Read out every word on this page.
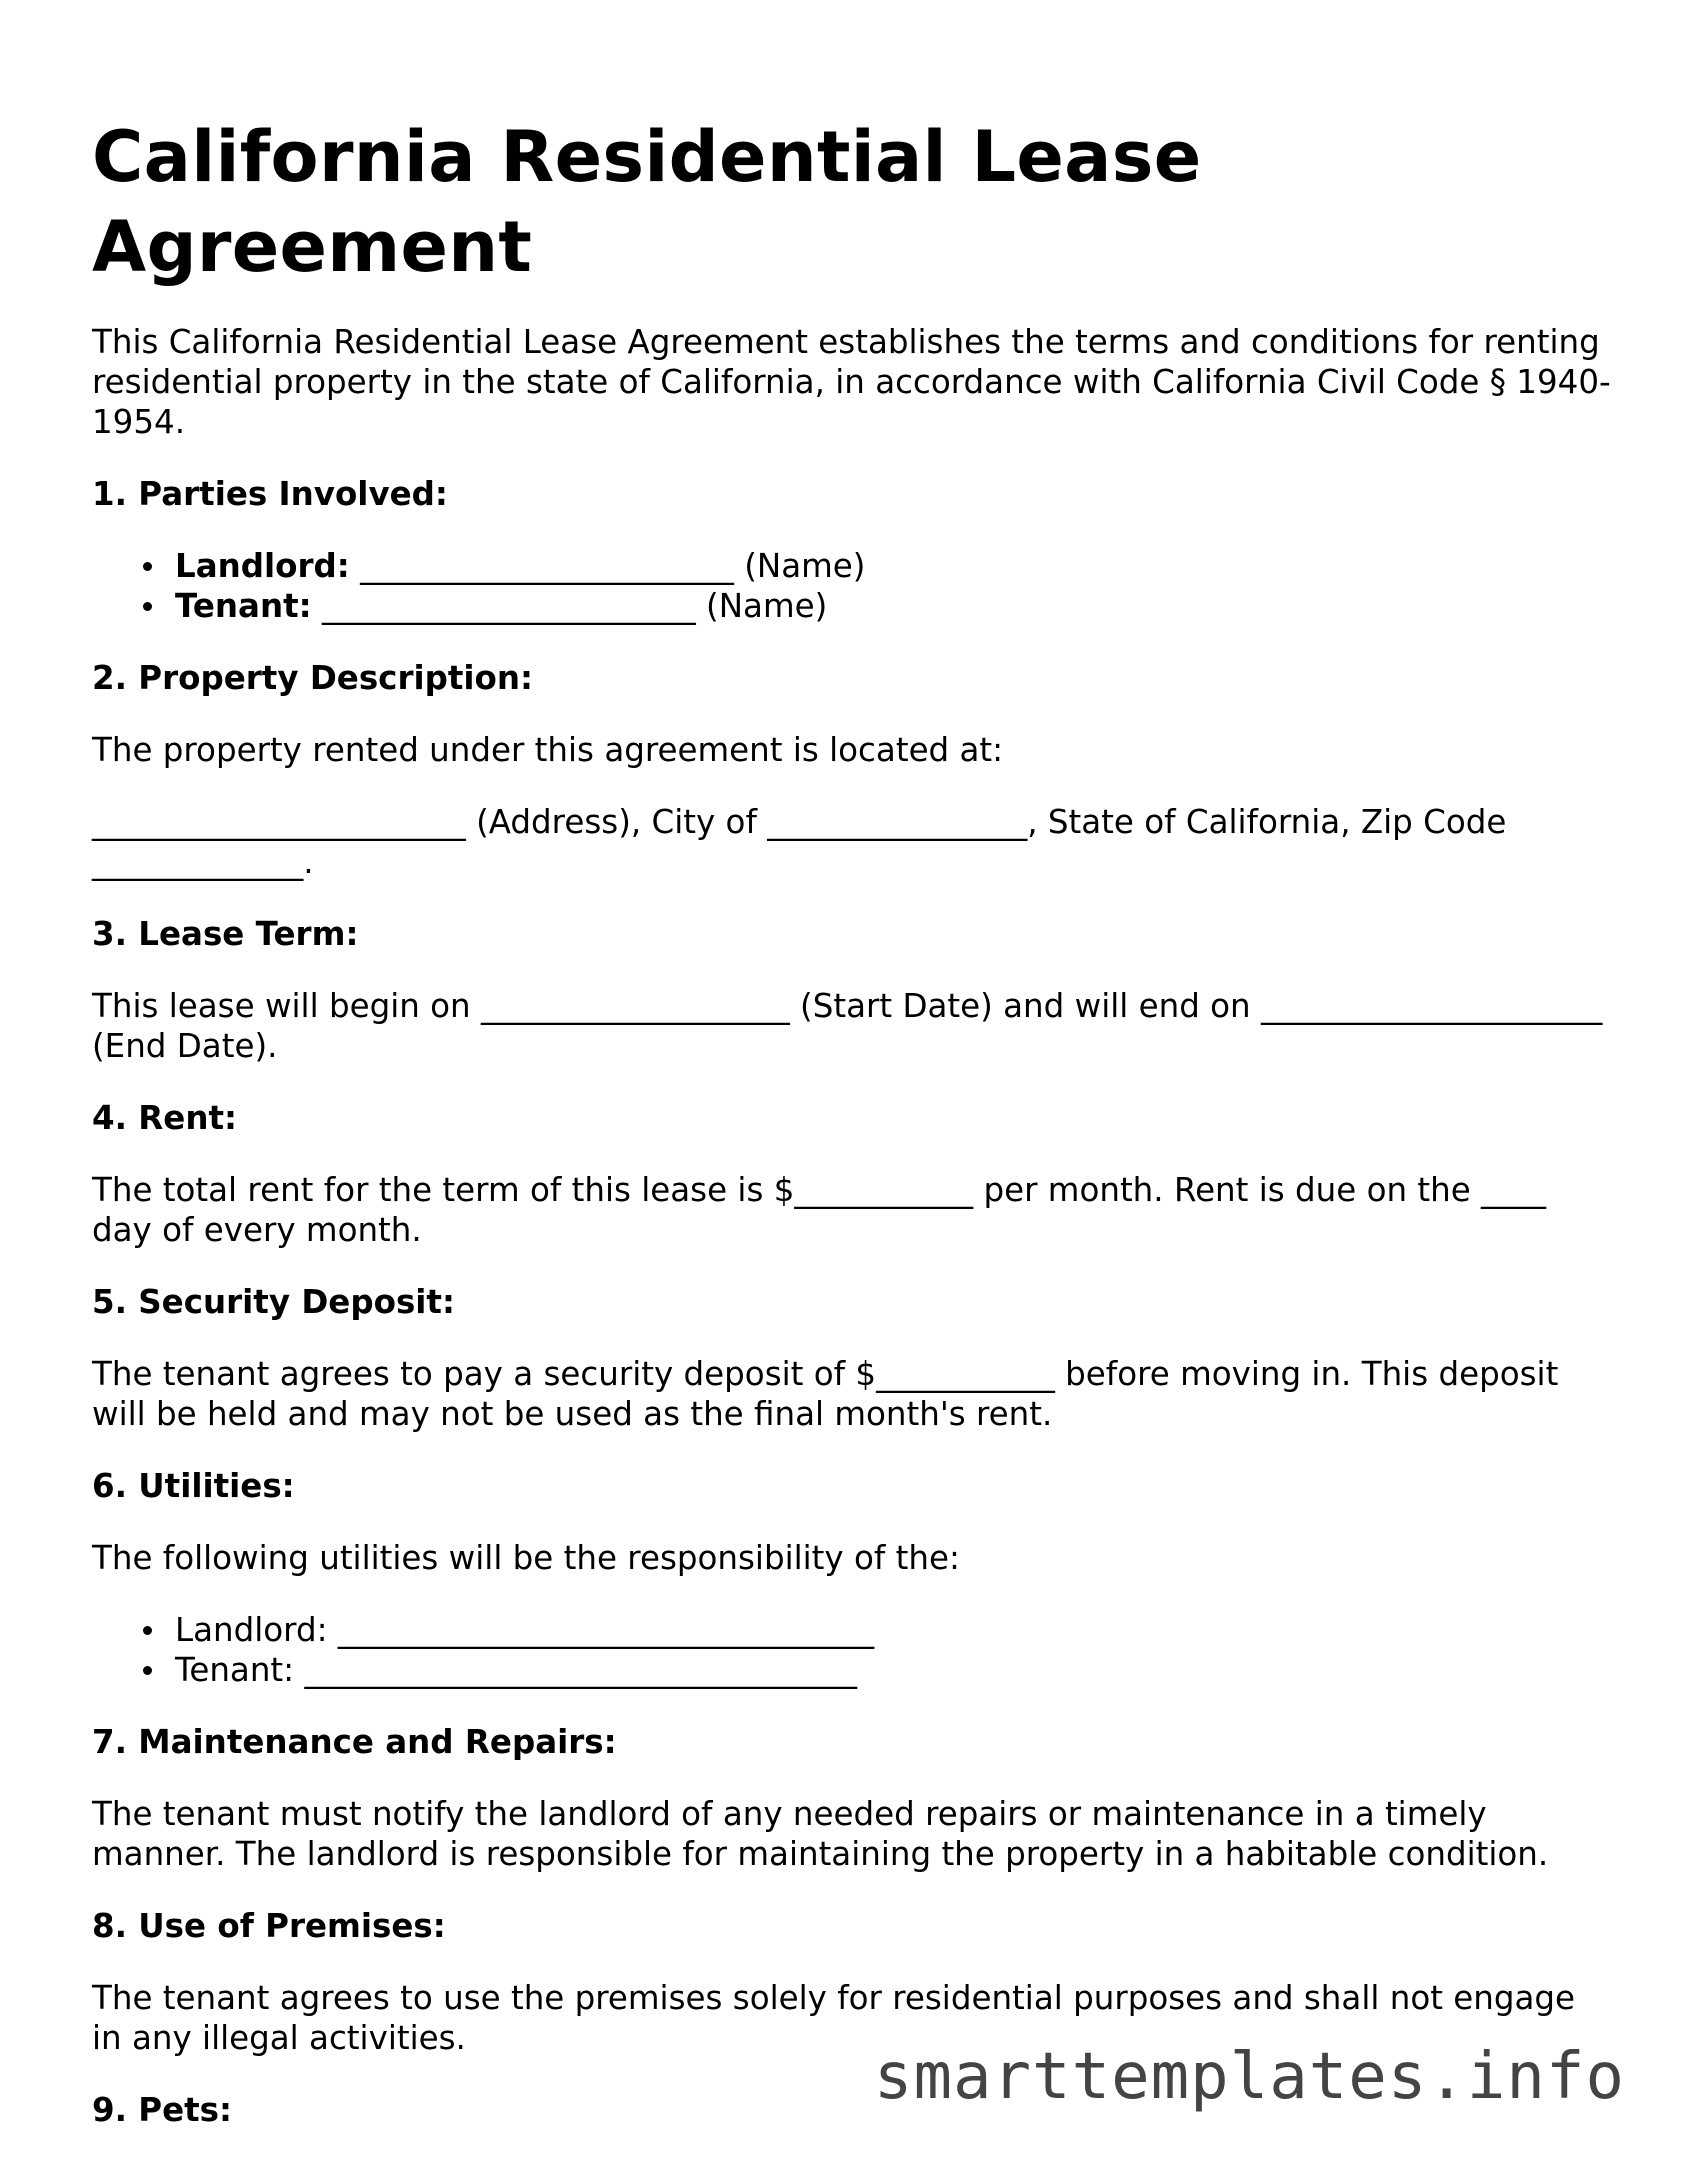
California Residential Lease Agreement

This California Residential Lease Agreement establishes the terms and conditions for renting residential property in the state of California, in accordance with California Civil Code § 1940-1954.

1. Parties Involved:
Landlord: _______________________ (Name)
Tenant: _______________________ (Name)
2. Property Description:

The property rented under this agreement is located at:

_______________________ (Address), City of ________________, State of California, Zip Code _____________.

3. Lease Term:

This lease will begin on ___________________ (Start Date) and will end on _____________________ (End Date).

4. Rent:

The total rent for the term of this lease is $___________ per month. Rent is due on the ____ day of every month.

5. Security Deposit:

The tenant agrees to pay a security deposit of $___________ before moving in. This deposit will be held and may not be used as the final month's rent.

6. Utilities:

The following utilities will be the responsibility of the:

Landlord: _________________________________
Tenant: __________________________________
7. Maintenance and Repairs:

The tenant must notify the landlord of any needed repairs or maintenance in a timely manner. The landlord is responsible for maintaining the property in a habitable condition.

8. Use of Premises:

The tenant agrees to use the premises solely for residential purposes and shall not engage in any illegal activities.

9. Pets:	smarttemplates.info
